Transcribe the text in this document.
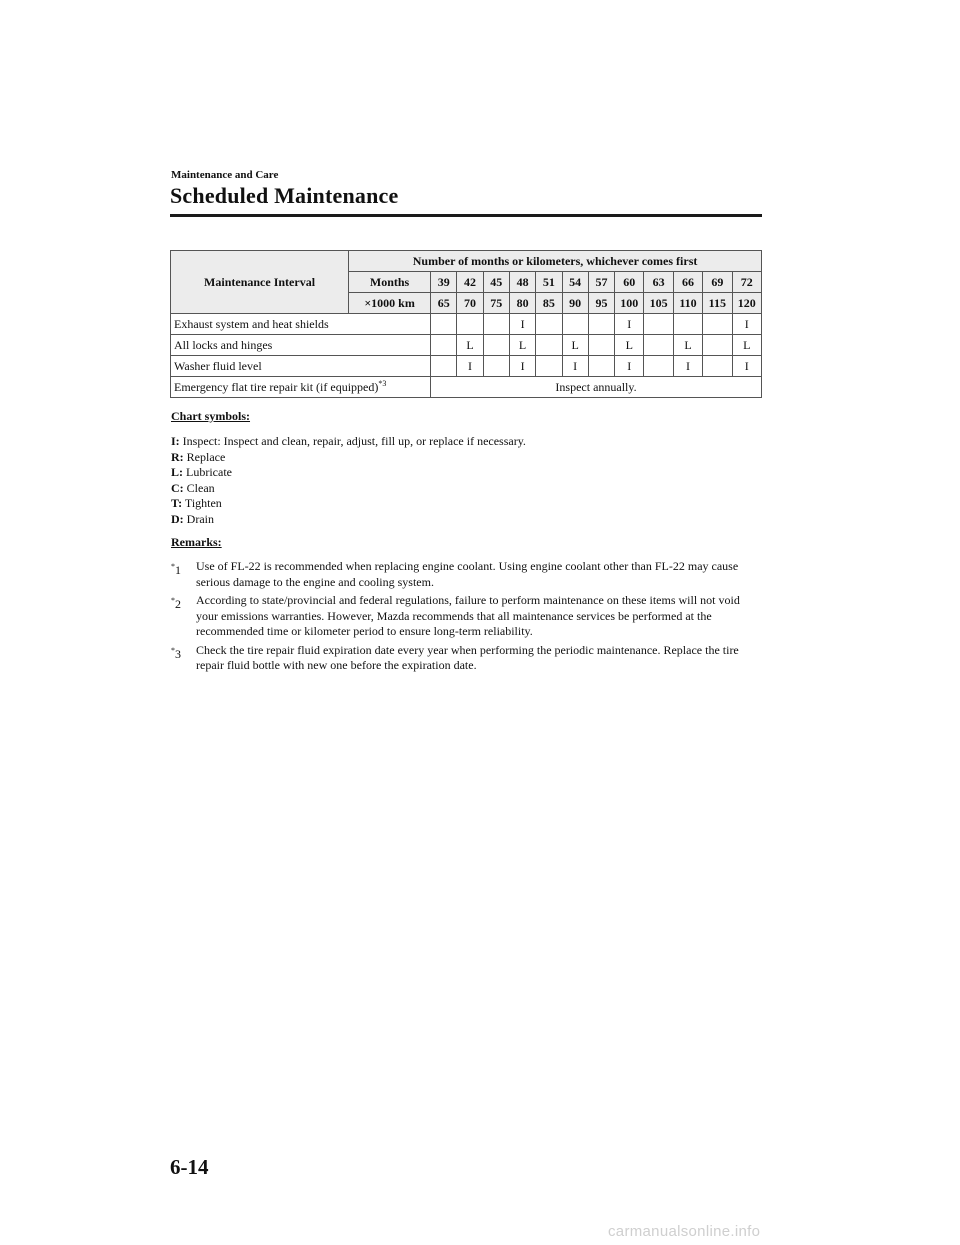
Maintenance and Care
Scheduled Maintenance
Maintenance Interval	Number of months or kilometers, whichever comes first												
	Months	39	42	45	48	51	54	57	60	63	66	69	72
	×1000 km	65	70	75	80	85	90	95	100	105	110	115	120
Exhaust system and heat shields					I				I				I
All locks and hinges			L		L		L		L		L		L
Washer fluid level			I		I		I		I		I		I
Emergency flat tire repair kit (if equipped)$^{*3}$		Inspect annually.											
Chart symbols:
I: Inspect: Inspect and clean, repair, adjust, fill up, or replace if necessary.
R: Replace
L: Lubricate
C: Clean
T: Tighten
D: Drain
Remarks:
*1 Use of FL-22 is recommended when replacing engine coolant. Using engine coolant other than FL-22 may cause serious damage to the engine and cooling system.
*2 According to state/provincial and federal regulations, failure to perform maintenance on these items will not void your emissions warranties. However, Mazda recommends that all maintenance services be performed at the recommended time or kilometer period to ensure long-term reliability.
*3 Check the tire repair fluid expiration date every year when performing the periodic maintenance. Replace the tire repair fluid bottle with new one before the expiration date.
6-14
carmanualsonline.info
